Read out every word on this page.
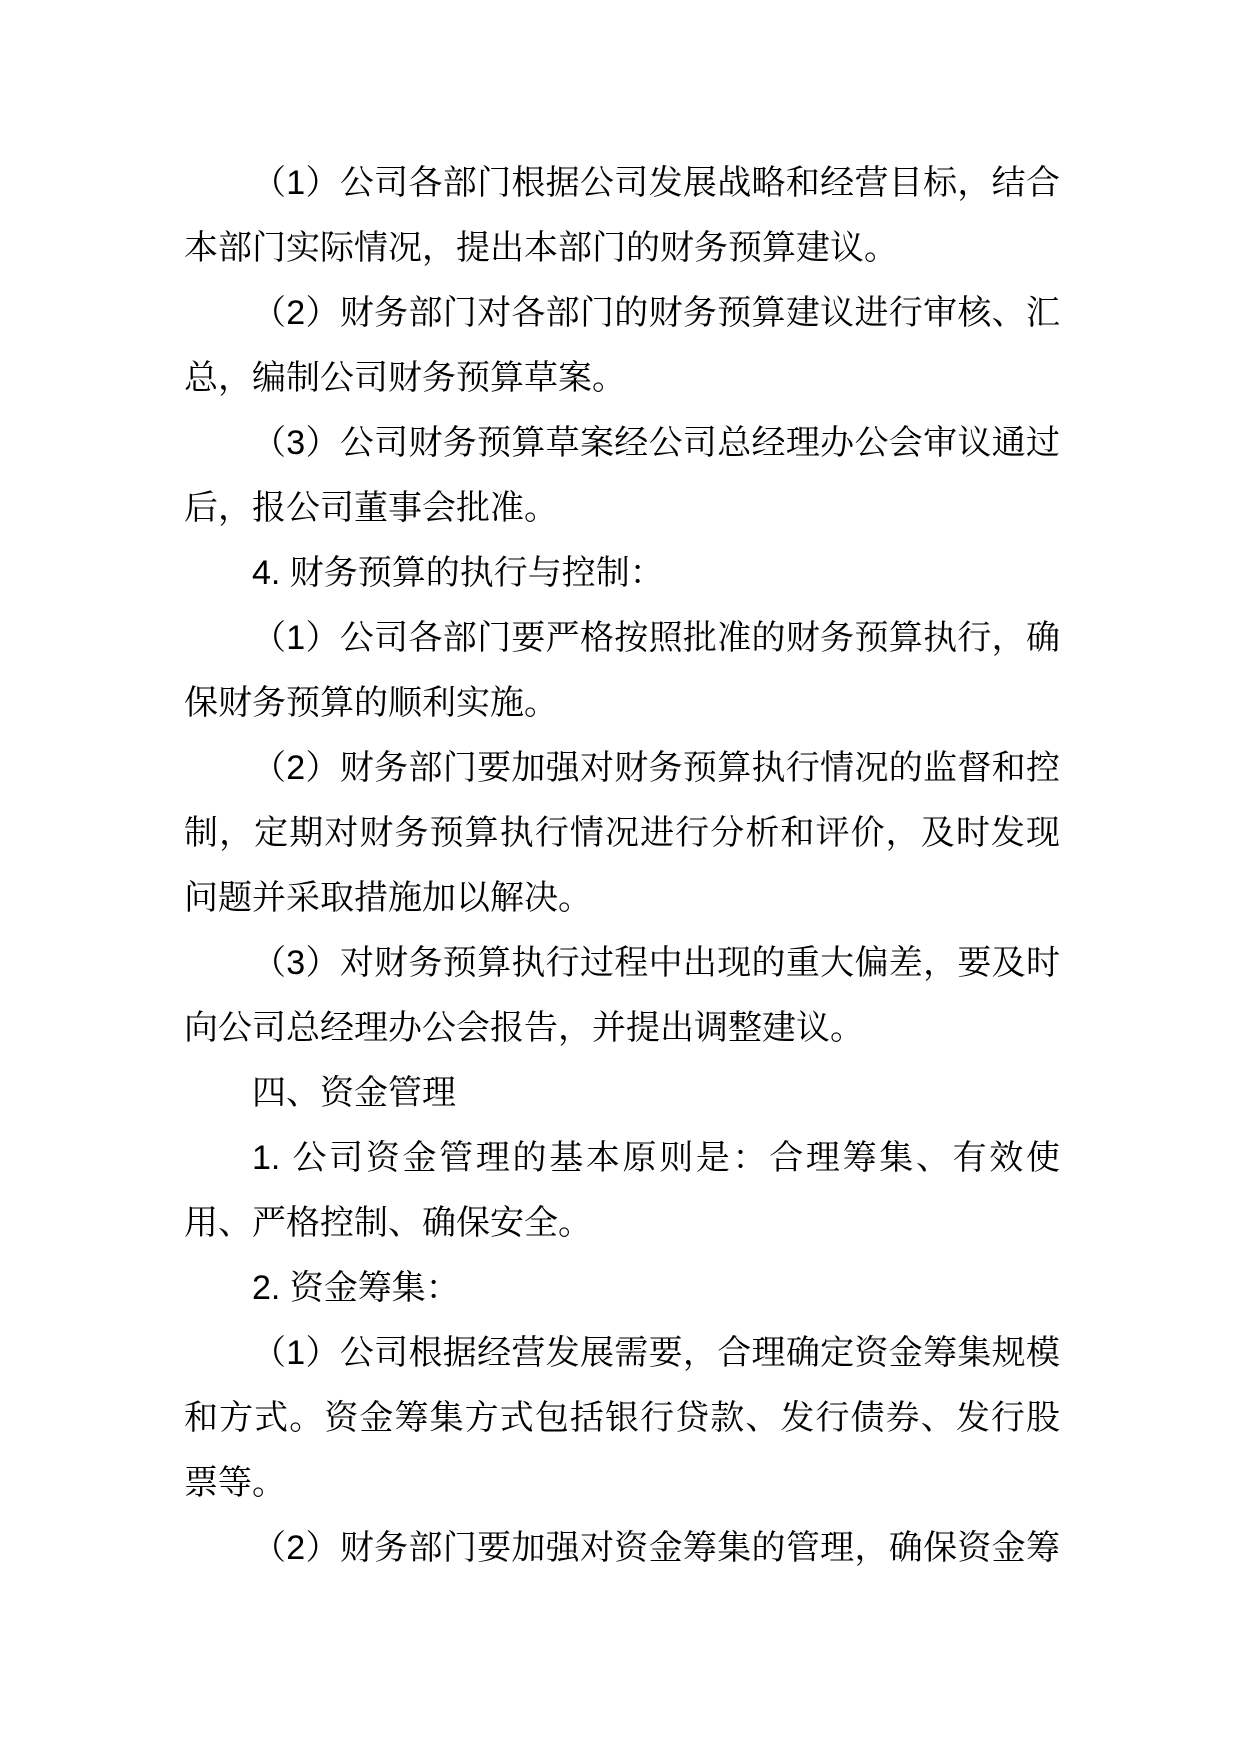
（1）公司各部门根据公司发展战略和经营目标，结合
本部门实际情况，提出本部门的财务预算建议。
（2）财务部门对各部门的财务预算建议进行审核、汇
总，编制公司财务预算草案。
（3）公司财务预算草案经公司总经理办公会审议通过
后，报公司董事会批准。
4. 财务预算的执行与控制：
（1）公司各部门要严格按照批准的财务预算执行，确
保财务预算的顺利实施。
（2）财务部门要加强对财务预算执行情况的监督和控
制，定期对财务预算执行情况进行分析和评价，及时发现
问题并采取措施加以解决。
（3）对财务预算执行过程中出现的重大偏差，要及时
向公司总经理办公会报告，并提出调整建议。
四、资金管理
1. 公司资金管理的基本原则是：合理筹集、有效使
用、严格控制、确保安全。
2. 资金筹集：
（1）公司根据经营发展需要，合理确定资金筹集规模
和方式。资金筹集方式包括银行贷款、发行债券、发行股
票等。
（2）财务部门要加强对资金筹集的管理，确保资金筹
